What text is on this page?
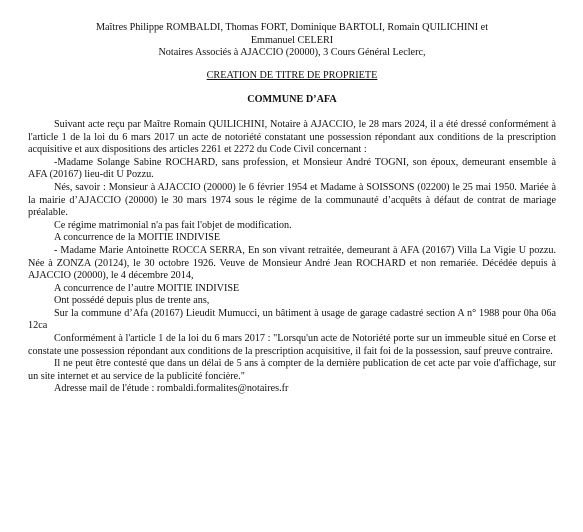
Maîtres Philippe ROMBALDI, Thomas FORT, Dominique BARTOLI, Romain QUILICHINI et
Emmanuel CELERI
Notaires Associés à AJACCIO (20000), 3 Cours Général Leclerc,
CREATION DE TITRE DE PROPRIETE
COMMUNE D’AFA

Suivant acte reçu par Maître Romain QUILICHINI, Notaire à AJACCIO, le 28 mars 2024, il a été dressé conformément à l'article 1 de la loi du 6 mars 2017 un acte de notoriété constatant une possession répondant aux conditions de la prescription acquisitive et aux dispositions des articles 2261 et 2272 du Code Civil concernant :

-Madame Solange Sabine ROCHARD, sans profession, et Monsieur André TOGNI, son époux, demeurant ensemble à AFA (20167) lieu-dit U Pozzu.

Nés, savoir : Monsieur à AJACCIO (20000) le 6 février 1954 et Madame à SOISSONS (02200) le 25 mai 1950. Mariée à la mairie d’AJACCIO (20000) le 30 mars 1974 sous le régime de la communauté d’acquêts à défaut de contrat de mariage préalable.

Ce régime matrimonial n'a pas fait l'objet de modification.

A concurrence de la MOITIE INDIVISE

- Madame Marie Antoinette ROCCA SERRA, En son vivant retraitée, demeurant à AFA (20167) Villa La Vigie U pozzu. Née à ZONZA (20124), le 30 octobre 1926. Veuve de Monsieur André Jean ROCHARD et non remariée. Décédée depuis à AJACCIO (20000), le 4 décembre 2014,

A concurrence de l’autre MOITIE INDIVISE

Ont possédé depuis plus de trente ans,

Sur la commune d’Afa (20167) Lieudit Mumucci, un bâtiment à usage de garage cadastré section A n° 1988 pour 0ha 06a 12ca

Conformément à l'article 1 de la loi du 6 mars 2017 : "Lorsqu'un acte de Notoriété porte sur un immeuble situé en Corse et constate une possession répondant aux conditions de la prescription acquisitive, il fait foi de la possession, sauf preuve contraire.

Il ne peut être contesté que dans un délai de 5 ans à compter de la dernière publication de cet acte par voie d'affichage, sur un site internet et au service de la publicité foncière."

Adresse mail de l'étude : rombaldi.formalites@notaires.fr
